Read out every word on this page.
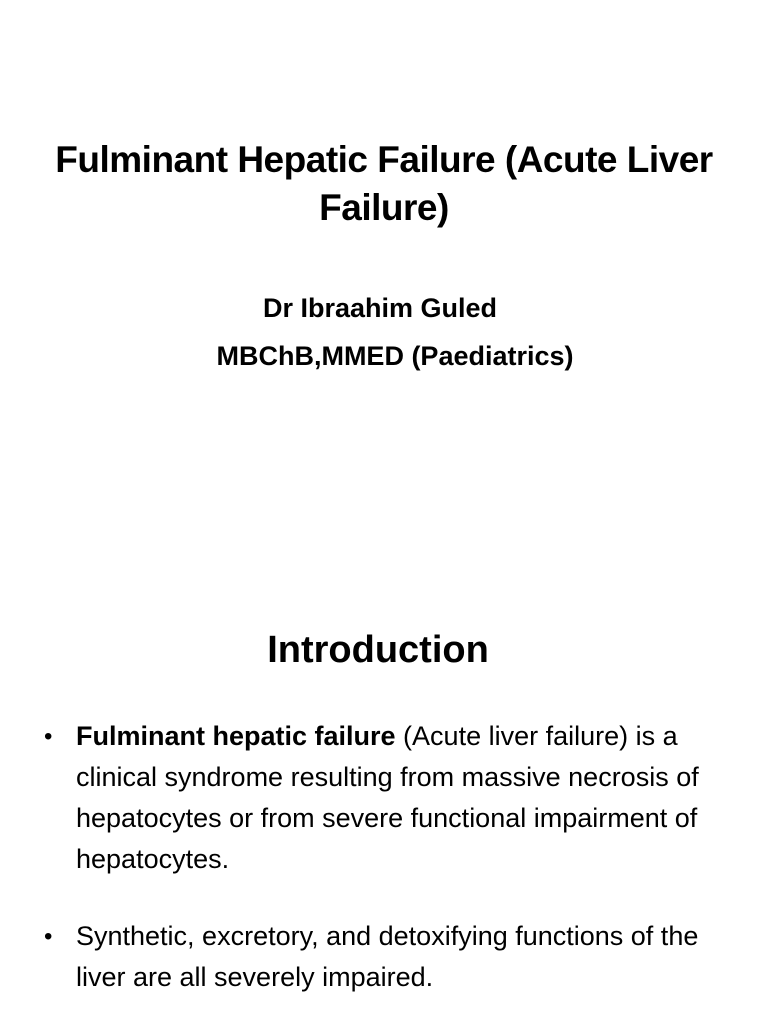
Fulminant Hepatic Failure (Acute Liver Failure)

Dr Ibraahim Guled

MBChB,MMED (Paediatrics)

Introduction
• Fulminant hepatic failure (Acute liver failure) is a clinical syndrome resulting from massive necrosis of hepatocytes or from severe functional impairment of hepatocytes.
• Synthetic, excretory, and detoxifying functions of the liver are all severely impaired.
